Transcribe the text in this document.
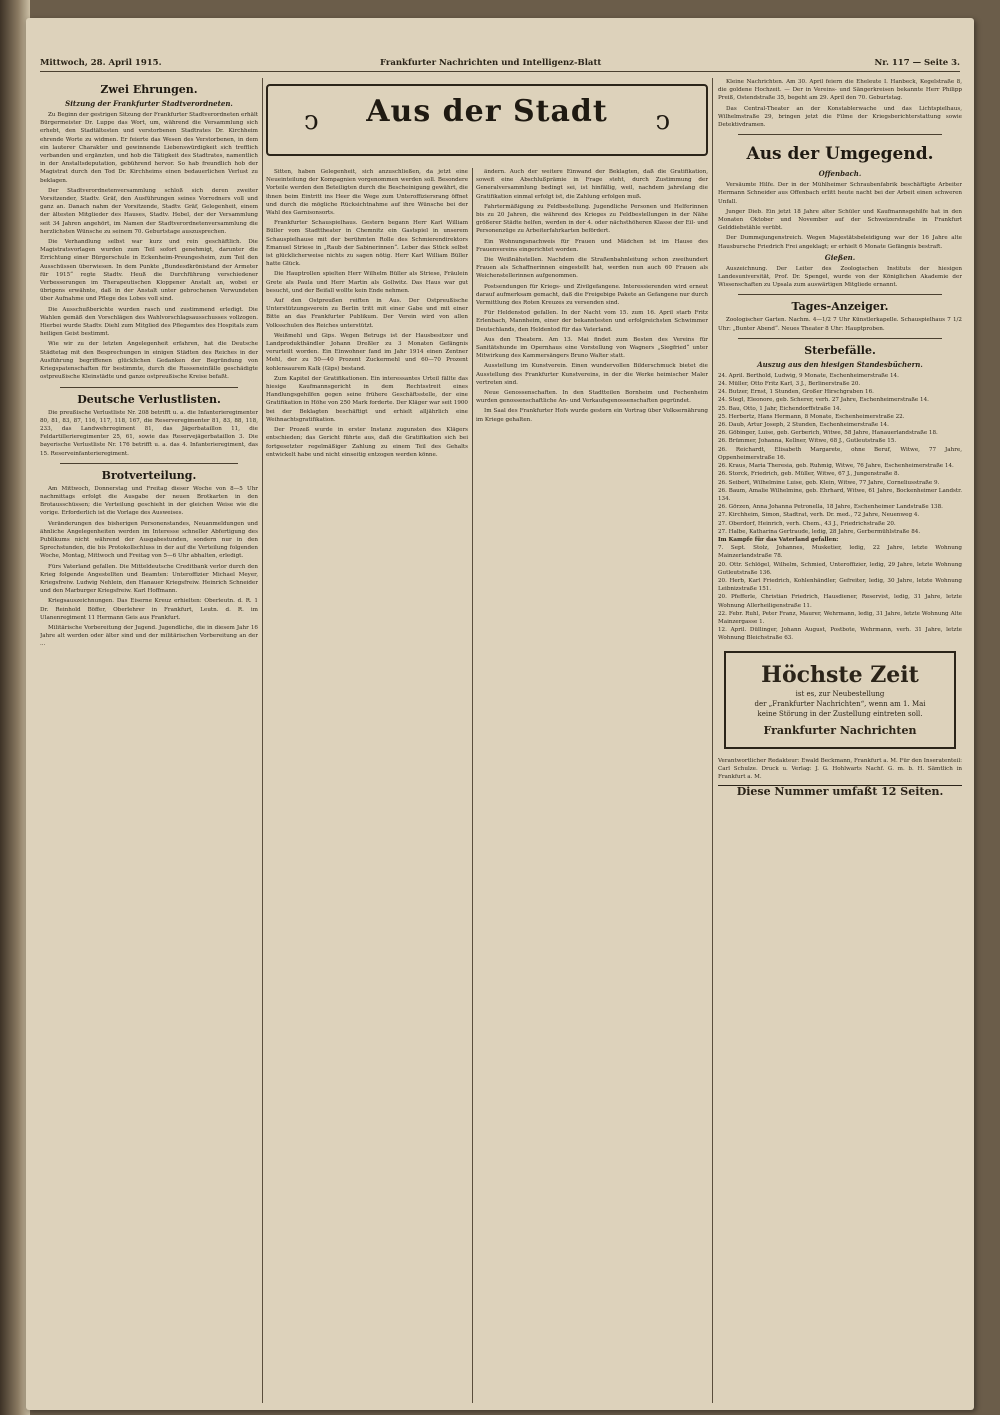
Mittwoch, 28. April 1915.	Frankfurter Nachrichten und Intelligenz-Blatt	Nr. 117 — Seite 3.
ↄ	Aus der Stadt	ↄ
Zwei Ehrungen.
Sitzung der Frankfurter Stadtverordneten.

Zu Beginn der gestrigen Sitzung der Frankfurter Stadtverordneten erhält Bürgermeister Dr. Luppe das Wort, um, während die Versammlung sich erhebt, den Stadtältesten und verstorbenen Stadtrates Dr. Kirchheim ehrende Worte zu widmen. Er feierte das Wesen des Verstorbenen, in dem ein lauterer Charakter und gewinnende Liebenswürdigkeit sich trefflich verbanden und ergänzten, und hob die Tätigkeit des Stadtrates, namentlich in der Anstaltsdeputation, gebührend hervor. So hab freundlich hob der Magistrat durch den Tod Dr. Kirchheims einen bedauerlichen Verlust zu beklagen.

Der Stadtverordnetenversammlung schloß sich deren zweiter Vorsitzender, Stadtv. Gräf, den Ausführungen seines Vorredners voll und ganz an. Danach nahm der Vorsitzende, Stadtv. Gräf, Gelegenheit, einem der ältesten Mitglieder des Hauses, Stadtv. Hebel, der der Versammlung seit 34 Jahren angehört, im Namen der Stadtverordnetenversammlung die herzlichsten Wünsche zu seinem 70. Geburtstage auszusprechen.

Die Verhandlung selbst war kurz und rein geschäftlich. Die Magistratsvorlagen wurden zum Teil sofort genehmigt, darunter die Errichtung einer Bürgerschule in Eckenheim-Preungesheim, zum Teil den Ausschüssen überwiesen. In dem Punkte „Bundesdkrönistand der Armeter für 1915“ regte Stadtv. Heuß die Durchführung verschiedener Verbesserungen im Therapeutischen Kloppener Anstalt an, wobei er übrigens erwähnte, daß in der Anstalt unter gebrochenen Verwundeten über Aufnahme und Pflege des Lobes voll sind.

Die Ausschußberichte wurden rasch und zustimmend erledigt. Die Wahlen gemäß den Vorschlägen des Wahlvorschlagsausschusses vollzogen. Hierbei wurde Stadtv. Diehl zum Mitglied des Pflegamtes des Hospitals zum heiligen Geist bestimmt.

Wie wir zu der letzten Angelegenheit erfahren, hat die Deutsche Städtetag mit den Besprechungen in einigen Städten des Reiches in der Ausführung begriffenen glücklichen Gedanken der Begründung von Kriegspatenschaften für bestimmte, durch die Russeneinfälle geschädigte ostpreußische Kleinstädte und ganze ostpreußische Kreise befaßt.

Deutsche Verlustlisten.

Die preußische Verlustliste Nr. 208 betrifft u. a. die Infanterieregimenter 80, 81, 83, 87, 116, 117, 118, 167, die Reserveregimenter 81, 83, 88, 118, 233, das Landwehrregiment 81, das Jägerbataillon 11, die Feldartillerieregimenter 25, 61, sowie das Reservejägerbataillon 3. Die bayerische Verlustliste Nr. 176 betrifft u. a. das 4. Infanterieregiment, das 15. Reserveinfanterieregiment.

Brotverteilung.

Am Mittwoch, Donnerstag und Freitag dieser Woche von 8—5 Uhr nachmittags erfolgt die Ausgabe der neuen Brotkarten in den Brotausschüssen; die Verteilung geschieht in der gleichen Weise wie die vorige. Erforderlich ist die Vorlage des Ausweises.

Veränderungen des bisherigen Personenstandes, Neuanmeldungen und ähnliche Angelegenheiten werden im Interesse schneller Abfertigung des Publikums nicht während der Ausgabestunden, sondern nur in den Sprechstunden, die bis Protokollschluss in der auf die Verteilung folgenden Woche, Montag, Mittwoch und Freitag von 5—6 Uhr abhalten, erledigt.

Fürs Vaterland gefallen. Die Mitteldeutsche Creditbank verlor durch den Krieg folgende Angestellten und Beamten: Unteroffizier Michael Meyer, Kriegsfreiw. Ludwig Nehlein, den Hanauer Kriegsfreiw. Heinrich Schneider und den Marburger Kriegsfreiw. Karl Hoffmann.

Kriegsauszeichnungen. Das Eiserne Kreuz erhielten: Oberleutn. d. R. 1 Dr. Reinhold Böffer, Oberlehrer in Frankfurt, Leutn. d. R. im Ulanenregiment 11 Hermann Geis aus Frankfurt.

Militärische Vorbereitung der Jugend. Jugendliche, die in diesem Jahr 16 Jahre alt werden oder älter sind und der militärischen Vorbereitung an der ...

Sitten, haben Gelegenheit, sich anzuschließen, da jetzt eine Neueinteilung der Kompagnien vorgenommen werden soll. Besondere Vorteile werden den Beteiligten durch die Bescheinigung gewährt, die ihnen beim Eintritt ins Heer die Wege zum Unteroffiziersrang öffnet und durch die mögliche Rücksichtnahme auf ihre Wünsche bei der Wahl des Garnisonsorts.

Frankfurter Schauspielhaus. Gestern begann Herr Karl William Büller vom Stadttheater in Chemnitz ein Gastspiel in unserem Schauspielhause mit der berühmten Rolle des Schmierendirektors Emanuel Striese in „Raub der Sabinerinnen“. Leber das Stück selbst ist glücklicherweise nichts zu sagen nötig. Herr Karl William Büller hatte Glück.

Die Hauptrollen spielten Herr Wilhelm Büller als Striese, Fräulein Grete als Paula und Herr Martin als Gollwitz. Das Haus war gut besucht, und der Beifall wollte kein Ende nehmen.

Auf den Ostpreußen reiften in Aus. Der Ostpreußische Unterstützungsverein zu Berlin tritt mit einer Gabe und mit einer Bitte an das Frankfurter Publikum. Der Verein wird von allen Volksschulen des Reiches unterstützt.

Weißmehl und Gips. Wegen Betrugs ist der Hausbesitzer und Landprodukthändler Johann Dreßler zu 3 Monaten Gefängnis verurteilt worden. Ein Einwohner fand im Jahr 1914 einen Zentner Mehl, der zu 50—40 Prozent Zuckermehl und 60—70 Prozent kohlensaurem Kalk (Gips) bestand.

Zum Kapitel der Gratifikationen. Ein interessantes Urteil fällte das hiesige Kaufmannsgericht in dem Rechtsstreit eines Handlungsgehilfen gegen seine frühere Geschäftsstelle, der eine Gratifikation in Höhe von 250 Mark forderte. Der Kläger war seit 1900 bei der Beklagten beschäftigt und erhielt alljährlich eine Weihnachtsgratifikation.

Der Prozeß wurde in erster Instanz zugunsten des Klägers entschieden; das Gericht führte aus, daß die Gratifikation sich bei fortgesetzter regelmäßiger Zahlung zu einem Teil des Gehalts entwickelt habe und nicht einseitig entzogen werden könne.

ändern. Auch der weitere Einwand der Beklagten, daß die Gratifikation, soweit eine Abschlußprämie in Frage steht, durch Zustimmung der Generalversammlung bedingt sei, ist hinfällig, weil, nachdem jahrelang die Gratifikation einmal erfolgt ist, die Zahlung erfolgen muß.

Fahrtermäßigung zu Feldbestellung. Jugendliche Personen und Helferinnen bis zu 20 Jahren, die während des Krieges zu Feldbestellungen in der Nähe größerer Städte helfen, werden in der 4. oder nächsthöheren Klasse der Eil- und Personenzüge zu Arbeiterfahrkarten befördert.

Ein Wohnungsnachweis für Frauen und Mädchen ist im Hause des Frauenvereins eingerichtet worden.

Die Weißnähstellen. Nachdem die Straßenbahnleitung schon zweihundert Frauen als Schaffnerinnen eingestellt hat, werden nun auch 60 Frauen als Weichenstellerinnen aufgenommen.

Postsendungen für Kriegs- und Zivilgefangene. Interessierenden wird erneut darauf aufmerksam gemacht, daß die Freigebige Pakete an Gefangene nur durch Vermittlung des Roten Kreuzes zu versenden sind.

Für Heldenstod gefallen. In der Nacht vom 15. zum 16. April starb Fritz Erlenbach, Mannheim, einer der bekanntesten und erfolgreichsten Schwimmer Deutschlands, den Heldentod für das Vaterland.

Aus den Theatern. Am 13. Mai findet zum Besten des Vereins für Sanitätshunde im Opernhaus eine Vorstellung von Wagners „Siegfried“ unter Mitwirkung des Kammersängers Bruno Walter statt.

Ausstellung im Kunstverein. Einen wundervollen Bilderschmuck bietet die Ausstellung des Frankfurter Kunstvereins, in der die Werke heimischer Maler vertreten sind.

Neue Genossenschaften. In den Stadtteilen Bornheim und Fechenheim wurden genossenschaftliche An- und Verkaufsgenossenschaften gegründet.

Im Saal des Frankfurter Hofs wurde gestern ein Vortrag über Volksernährung im Kriege gehalten.

Kleine Nachrichten. Am 30. April feiern die Eheleute I. Hanbeck, Kegelstraße 8, die goldene Hochzeit. — Der in Vereins- und Sängerkreisen bekannte Herr Philipp Preiß, Ostendstraße 35, begeht am 29. April den 70. Geburtstag.

Das Central-Theater an der Konstablerwache und das Lichtspielhaus, Wilhelmstraße 29, bringen jetzt die Filme der Kriegsberichterstattung sowie Detektivdramen.

Aus der Umgegend.
Offenbach.

Versäumte Hilfe. Der in der Mühlheimer Schraubenfabrik beschäftigte Arbeiter Hermann Schneider aus Offenbach erlitt heute nacht bei der Arbeit einen schweren Unfall.

Junger Dieb. Ein jetzt 18 Jahre alter Schüler und Kaufmannsgehilfe hat in den Monaten Oktober und November auf der Schweizerstraße in Frankfurt Gelddiebstähle verübt.

Der Dummejungenstreich. Wegen Majestätsbeleidigung war der 16 Jahre alte Hausbursche Friedrich Frei angeklagt; er erhielt 6 Monate Gefängnis bestraft.

Gießen.

Auszeichnung. Der Leiter des Zoologischen Instituts der hiesigen Landesuniversität, Prof. Dr. Spengel, wurde von der Königlichen Akademie der Wissenschaften zu Upsala zum auswärtigen Mitgliede ernannt.

Tages-Anzeiger.

Zoologischer Garten. Nachm. 4—1/2 7 Uhr Künstlerkapelle. Schauspielhaus 7 1/2 Uhr: „Bunter Abend“. Neues Theater 8 Uhr: Hauptproben.

Sterbefälle.
Auszug aus den hiesigen Standesbüchern.
24. April. Berthold, Ludwig, 9 Monate, Eschenheimerstraße 14.
24. Müller, Otto Fritz Karl, 3 J., Berlinerstraße 20.
24. Butzer, Ernst, 1 Stunden, Großer Hirschgraben 16.
24. Stegl, Eleonore, geb. Scherer, verh. 27 Jahre, Eschenheimerstraße 14.
25. Bau, Otto, 1 Jahr, Eichendorffstraße 14.
25. Herbertz, Hans Hermann, 8 Monate, Eschenheimerstraße 22.
26. Daub, Artur Joseph, 2 Stunden, Eschenheimerstraße 14.
26. Göbinger, Luise, geb. Gerberich, Witwe, 58 Jahre, Hanauerlandstraße 18.
26. Brümmer, Johanna, Kellner, Witwe, 68 J., Gutleutstraße 15.
26. Reichardt, Elisabeth Margarete, ohne Beruf, Witwe, 77 Jahre, Oppenheimerstraße 16.
26. Kraus, Maria Theresia, geb. Ruhmig, Witwe, 76 Jahre, Eschenheimerstraße 14.
26. Storck, Friedrich, geb. Müller, Witwe, 67 J., Jungenstraße 8.
26. Seibert, Wilhelmine Luise, geb. Klein, Witwe, 77 Jahre, Corneliusstraße 9.
26. Baum, Amalie Wilhelmine, geb. Ehrhard, Witwe, 61 Jahre, Bockenheimer Landstr. 134.
26. Görzen, Anna Johanna Petronella, 18 Jahre, Eschenheimer Landstraße 138.
27. Kirchheim, Simon, Stadtrat, verh. Dr. med., 72 Jahre, Neuenweg 4.
27. Oberdorf, Heinrich, verh. Chem., 43 J., Friedrichstraße 20.
27. Halbe, Katharina Gertraude, ledig, 28 Jahre, Gerbermühlstraße 84.
Im Kampfe für das Vaterland gefallen:
7. Sept. Stolz, Johannes, Musketier, ledig, 22 Jahre, letzte Wohnung Mainzerlandstraße 78.
20. Ottr. Schlögel, Wilhelm, Schmied, Unteroffizier, ledig, 29 Jahre, letzte Wohnung Gutleutstraße 136.
20. Herb, Karl Friedrich, Kohlenhändler, Gefreiter, ledig, 30 Jahre, letzte Wohnung Leibnizstraße 151.
20. Pfefferle, Christian Friedrich, Hausdiener, Reservist, ledig, 31 Jahre, letzte Wohnung Allerheiligenstraße 11.
22. Febr. Ruhl, Peter Franz, Maurer, Wehrmann, ledig, 31 Jahre, letzte Wohnung Alte Mainzergasse 1.
12. April. Düllinger, Johann August, Postbote, Wehrmann, verh. 31 Jahre, letzte Wohnung Bleichstraße 63.
Höchste Zeit
ist es, zur Neubestellung
der „Frankfurter Nachrichten“, wenn am 1. Mai
keine Störung in der Zustellung eintreten soll.
Frankfurter Nachrichten
Verantwortlicher Redakteur: Ewald Beckmann, Frankfurt a. M. Für den Inseratenteil: Carl Schulze. Druck u. Verlag: J. G. Hohlwarts Nachf. G. m. b. H. Sämtlich in Frankfurt a. M.
Diese Nummer umfaßt 12 Seiten.
